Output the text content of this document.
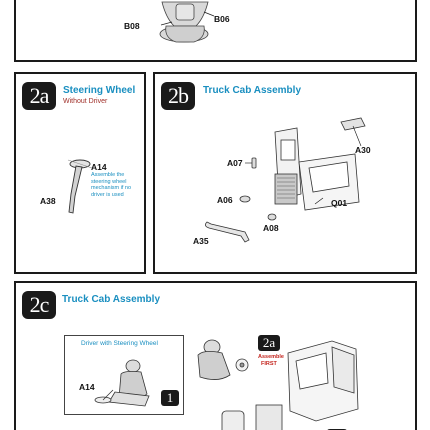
B08
B06
2a	Steering Wheel
Without Driver
A14
Assemble the steering wheel mechanism if no driver is used
A38
2b	Truck Cab Assembly
A07
A30
A06	Q01
A08
A35
2c	Truck Cab Assembly
Driver with Steering Wheel
A14
1
2a
Assemble
FIRST
